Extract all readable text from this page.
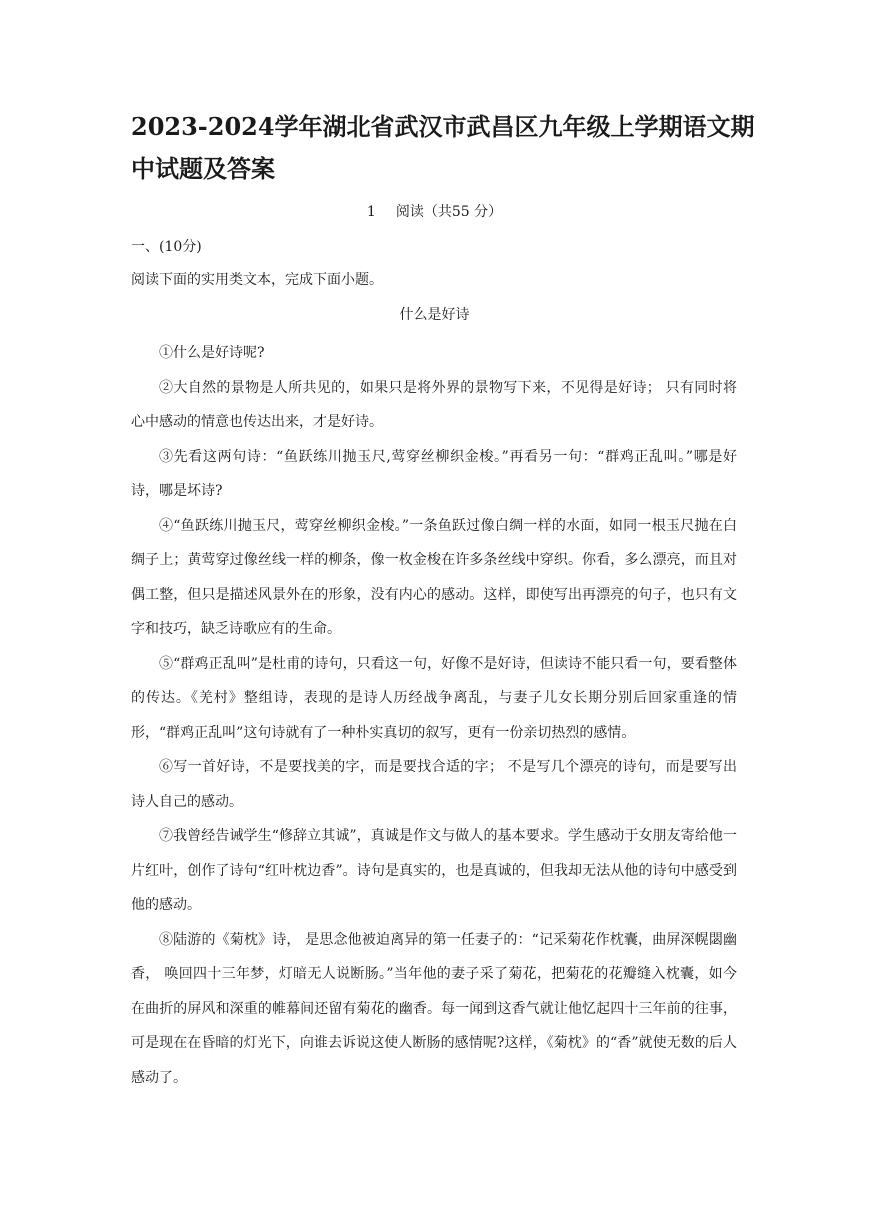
2023-2024学年湖北省武汉市武昌区九年级上学期语文期中试题及答案
1 阅读（共55 分）
一、(10分)
阅读下面的实用类文本，完成下面小题。
什么是好诗

①什么是好诗呢?

②大自然的景物是人所共见的，如果只是将外界的景物写下来，不见得是好诗； 只有同时将心中感动的情意也传达出来，才是好诗。

③先看这两句诗：“鱼跃练川抛玉尺,莺穿丝柳织金梭。”再看另一句：“群鸡正乱叫。”哪是好诗，哪是坏诗?

④“鱼跃练川抛玉尺，莺穿丝柳织金梭。”一条鱼跃过像白绸一样的水面，如同一根玉尺抛在白绸子上；黄莺穿过像丝线一样的柳条，像一枚金梭在许多条丝线中穿织。你看，多么漂亮，而且对偶工整，但只是描述风景外在的形象，没有内心的感动。这样，即使写出再漂亮的句子，也只有文字和技巧，缺乏诗歌应有的生命。

⑤“群鸡正乱叫”是杜甫的诗句，只看这一句，好像不是好诗，但读诗不能只看一句，要看整体的传达。《羌村》整组诗，表现的是诗人历经战争离乱，与妻子儿女长期分别后回家重逢的情形，“群鸡正乱叫”这句诗就有了一种朴实真切的叙写，更有一份亲切热烈的感情。

⑥写一首好诗，不是要找美的字，而是要找合适的字； 不是写几个漂亮的诗句，而是要写出诗人自己的感动。

⑦我曾经告诫学生“修辞立其诚”，真诚是作文与做人的基本要求。学生感动于女朋友寄给他一片红叶，创作了诗句“红叶枕边香”。诗句是真实的，也是真诚的，但我却无法从他的诗句中感受到他的感动。

⑧陆游的《菊枕》诗， 是思念他被迫离异的第一任妻子的：“记采菊花作枕囊，曲屏深幌閟幽香， 唤回四十三年梦，灯暗无人说断肠。”当年他的妻子采了菊花，把菊花的花瓣缝入枕囊，如今在曲折的屏风和深重的帷幕间还留有菊花的幽香。每一闻到这香气就让他忆起四十三年前的往事，可是现在在昏暗的灯光下，向谁去诉说这使人断肠的感情呢?这样，《菊枕》的“香”就使无数的后人感动了。
